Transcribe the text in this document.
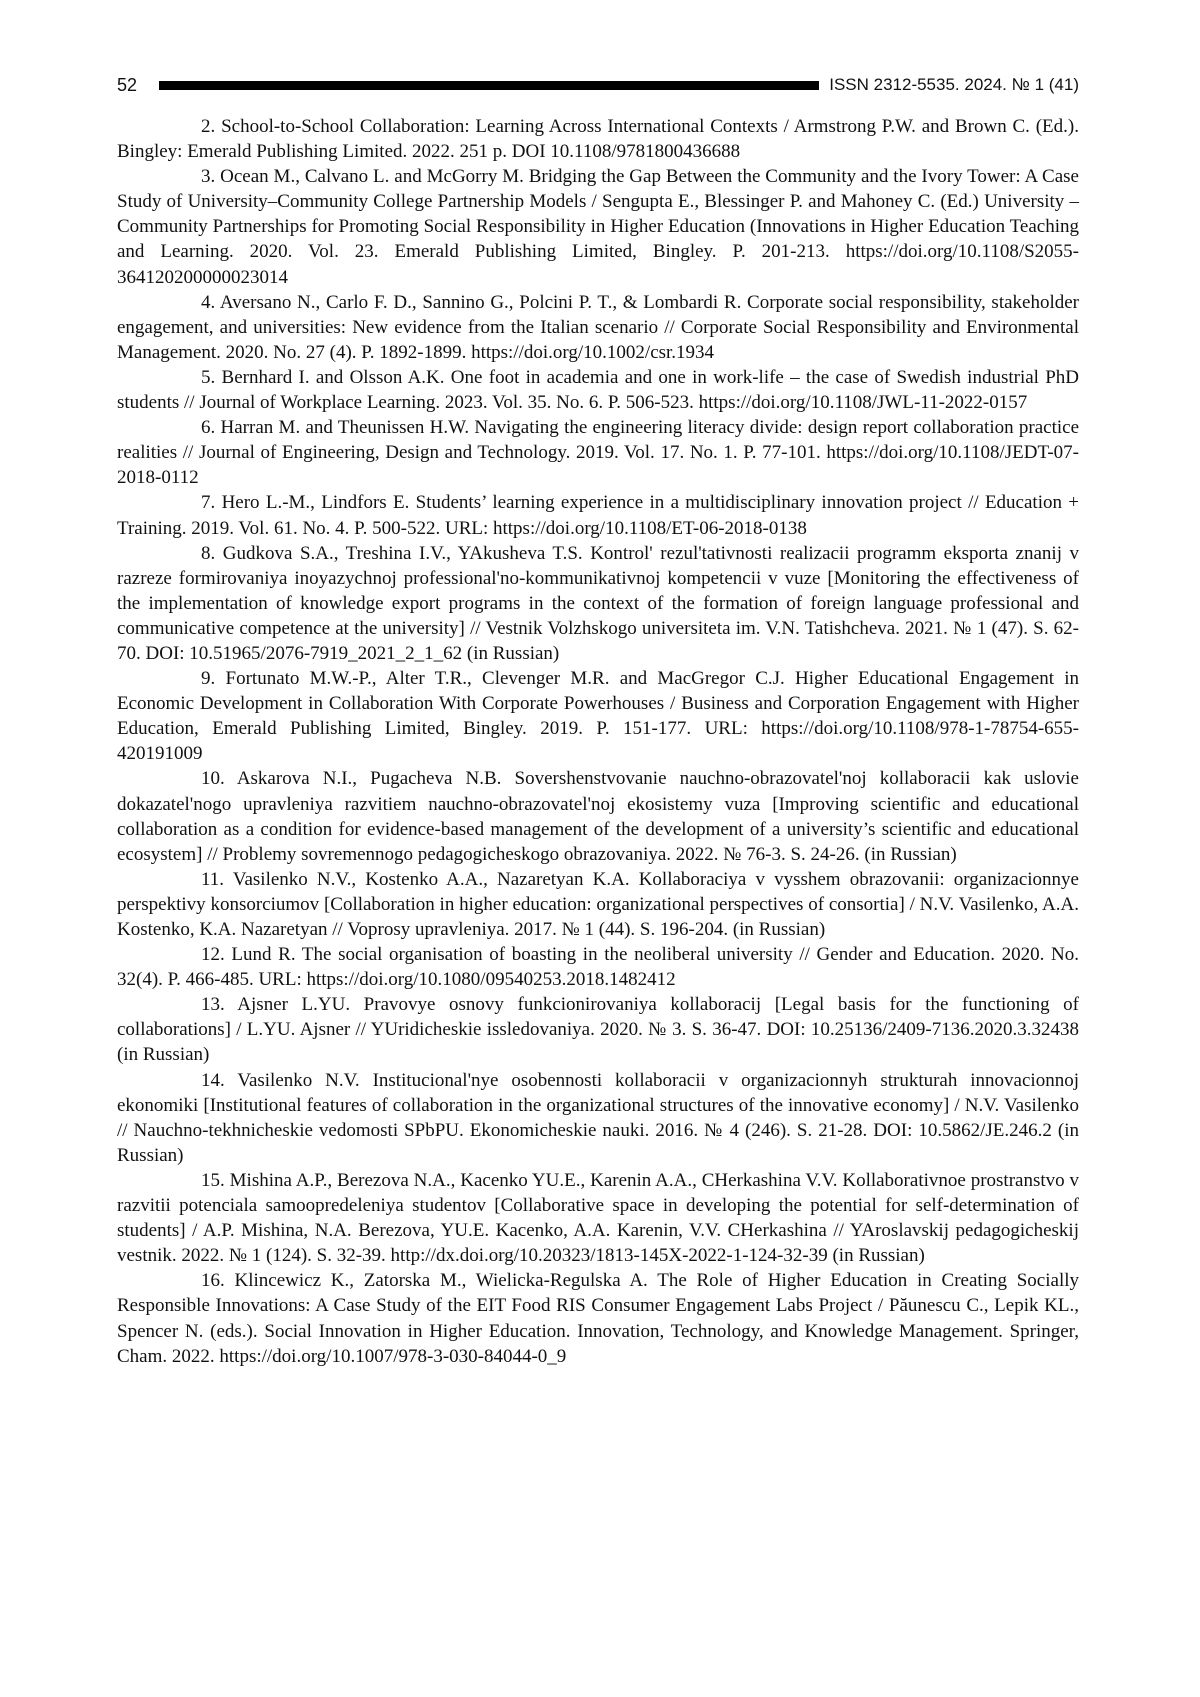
52	ISSN 2312-5535. 2024. № 1 (41)

2. School-to-School Collaboration: Learning Across International Contexts / Armstrong P.W. and Brown C. (Ed.). Bingley: Emerald Publishing Limited. 2022. 251 p. DOI 10.1108/9781800436688

3. Ocean M., Calvano L. and McGorry M. Bridging the Gap Between the Community and the Ivory Tower: A Case Study of University–Community College Partnership Models / Sengupta E., Blessinger P. and Mahoney C. (Ed.) University – Community Partnerships for Promoting Social Responsibility in Higher Education (Innovations in Higher Education Teaching and Learning. 2020. Vol. 23. Emerald Publishing Limited, Bingley. P. 201-213. https://doi.org/10.1108/S2055-364120200000023014

4. Aversano N., Carlo F. D., Sannino G., Polcini P. T., & Lombardi R. Corporate social responsibility, stakeholder engagement, and universities: New evidence from the Italian scenario // Corporate Social Responsibility and Environmental Management. 2020. No. 27 (4). P. 1892-1899. https://doi.org/10.1002/csr.1934

5. Bernhard I. and Olsson A.K. One foot in academia and one in work-life – the case of Swedish industrial PhD students // Journal of Workplace Learning. 2023. Vol. 35. No. 6. P. 506-523. https://doi.org/10.1108/JWL-11-2022-0157

6. Harran M. and Theunissen H.W. Navigating the engineering literacy divide: design report collaboration practice realities // Journal of Engineering, Design and Technology. 2019. Vol. 17. No. 1. P. 77-101. https://doi.org/10.1108/JEDT-07-2018-0112

7. Hero L.-M., Lindfors E. Students’ learning experience in a multidisciplinary innovation project // Education + Training. 2019. Vol. 61. No. 4. P. 500-522. URL: https://doi.org/10.1108/ET-06-2018-0138

8. Gudkova S.A., Treshina I.V., YAkusheva T.S. Kontrol' rezul'tativnosti realizacii programm eksporta znanij v razreze formirovaniya inoyazychnoj professional'no-kommunikativnoj kompetencii v vuze [Monitoring the effectiveness of the implementation of knowledge export programs in the context of the formation of foreign language professional and communicative competence at the university] // Vestnik Volzhskogo universiteta im. V.N. Tatishcheva. 2021. № 1 (47). S. 62-70. DOI: 10.51965/2076-7919_2021_2_1_62 (in Russian)

9. Fortunato M.W.-P., Alter T.R., Clevenger M.R. and MacGregor C.J. Higher Educational Engagement in Economic Development in Collaboration With Corporate Powerhouses / Business and Corporation Engagement with Higher Education, Emerald Publishing Limited, Bingley. 2019. P. 151-177. URL: https://doi.org/10.1108/978-1-78754-655-420191009

10. Askarova N.I., Pugacheva N.B. Sovershenstvovanie nauchno-obrazovatel'noj kollaboracii kak uslovie dokazatel'nogo upravleniya razvitiem nauchno-obrazovatel'noj ekosistemy vuza [Improving scientific and educational collaboration as a condition for evidence-based management of the development of a university’s scientific and educational ecosystem] // Problemy sovremennogo pedagogicheskogo obrazovaniya. 2022. № 76-3. S. 24-26. (in Russian)

11. Vasilenko N.V., Kostenko A.A., Nazaretyan K.A. Kollaboraciya v vysshem obrazovanii: organizacionnye perspektivy konsorciumov [Collaboration in higher education: organizational perspectives of consortia] / N.V. Vasilenko, A.A. Kostenko, K.A. Nazaretyan // Voprosy upravleniya. 2017. № 1 (44). S. 196-204. (in Russian)

12. Lund R. The social organisation of boasting in the neoliberal university // Gender and Education. 2020. No. 32(4). P. 466-485. URL: https://doi.org/10.1080/09540253.2018.1482412

13. Ajsner L.YU. Pravovye osnovy funkcionirovaniya kollaboracij [Legal basis for the functioning of collaborations] / L.YU. Ajsner // YUridicheskie issledovaniya. 2020. № 3. S. 36-47. DOI: 10.25136/2409-7136.2020.3.32438 (in Russian)

14. Vasilenko N.V. Institucional'nye osobennosti kollaboracii v organizacionnyh strukturah innovacionnoj ekonomiki [Institutional features of collaboration in the organizational structures of the innovative economy] / N.V. Vasilenko // Nauchno-tekhnicheskie vedomosti SPbPU. Ekonomicheskie nauki. 2016. № 4 (246). S. 21-28. DOI: 10.5862/JE.246.2 (in Russian)

15. Mishina A.P., Berezova N.A., Kacenko YU.E., Karenin A.A., CHerkashina V.V. Kollaborativnoe prostranstvo v razvitii potenciala samoopredeleniya studentov [Collaborative space in developing the potential for self-determination of students] / A.P. Mishina, N.A. Berezova, YU.E. Kacenko, A.A. Karenin, V.V. CHerkashina // YAroslavskij pedagogicheskij vestnik. 2022. № 1 (124). S. 32-39. http://dx.doi.org/10.20323/1813-145X-2022-1-124-32-39 (in Russian)

16. Klincewicz K., Zatorska M., Wielicka-Regulska A. The Role of Higher Education in Creating Socially Responsible Innovations: A Case Study of the EIT Food RIS Consumer Engagement Labs Project / Păunescu C., Lepik KL., Spencer N. (eds.). Social Innovation in Higher Education. Innovation, Technology, and Knowledge Management. Springer, Cham. 2022. https://doi.org/10.1007/978-3-030-84044-0_9
